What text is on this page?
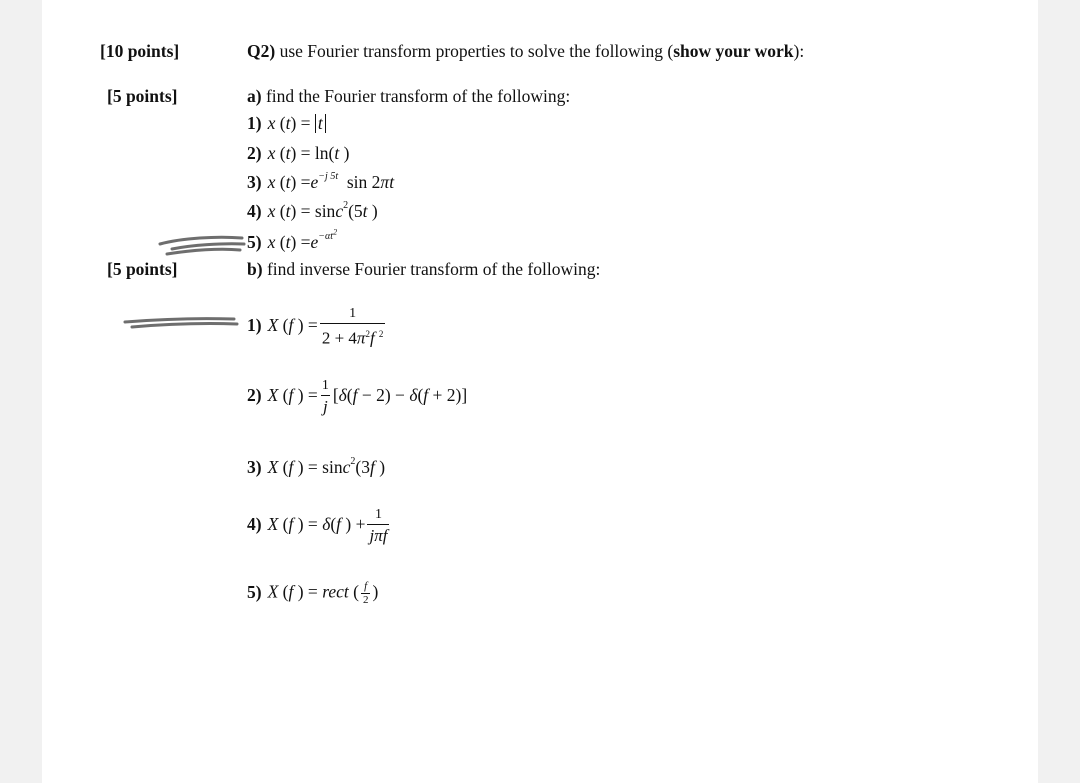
[10 points]	Q2) use Fourier transform properties to solve the following (show your work):
[5 points]	a) find the Fourier transform of the following:
1) x (t) = t
2) x (t) = ln(t )
3) x $(t) =e^{-j 5t}$  sin 2πt
4) x (t) = sinc$^2$(5t )
5) x $(t) =e^{-\alpha t^2}$
[5 points]	b) find inverse Fourier transform of the following:
1) X (f ) = $\frac{1}{2 + 4\pi^2f ^2}$
2) X (f ) = $\frac{1}{j} [\delta(f - 2) - \delta(f + 2)]$
3) X (f ) = sinc$^2$(3f )
4) X (f ) = δ(f ) + $\frac{1}{\text{jπf}}$
5) X (f ) = rect ( $\frac{f}{2}$ )
